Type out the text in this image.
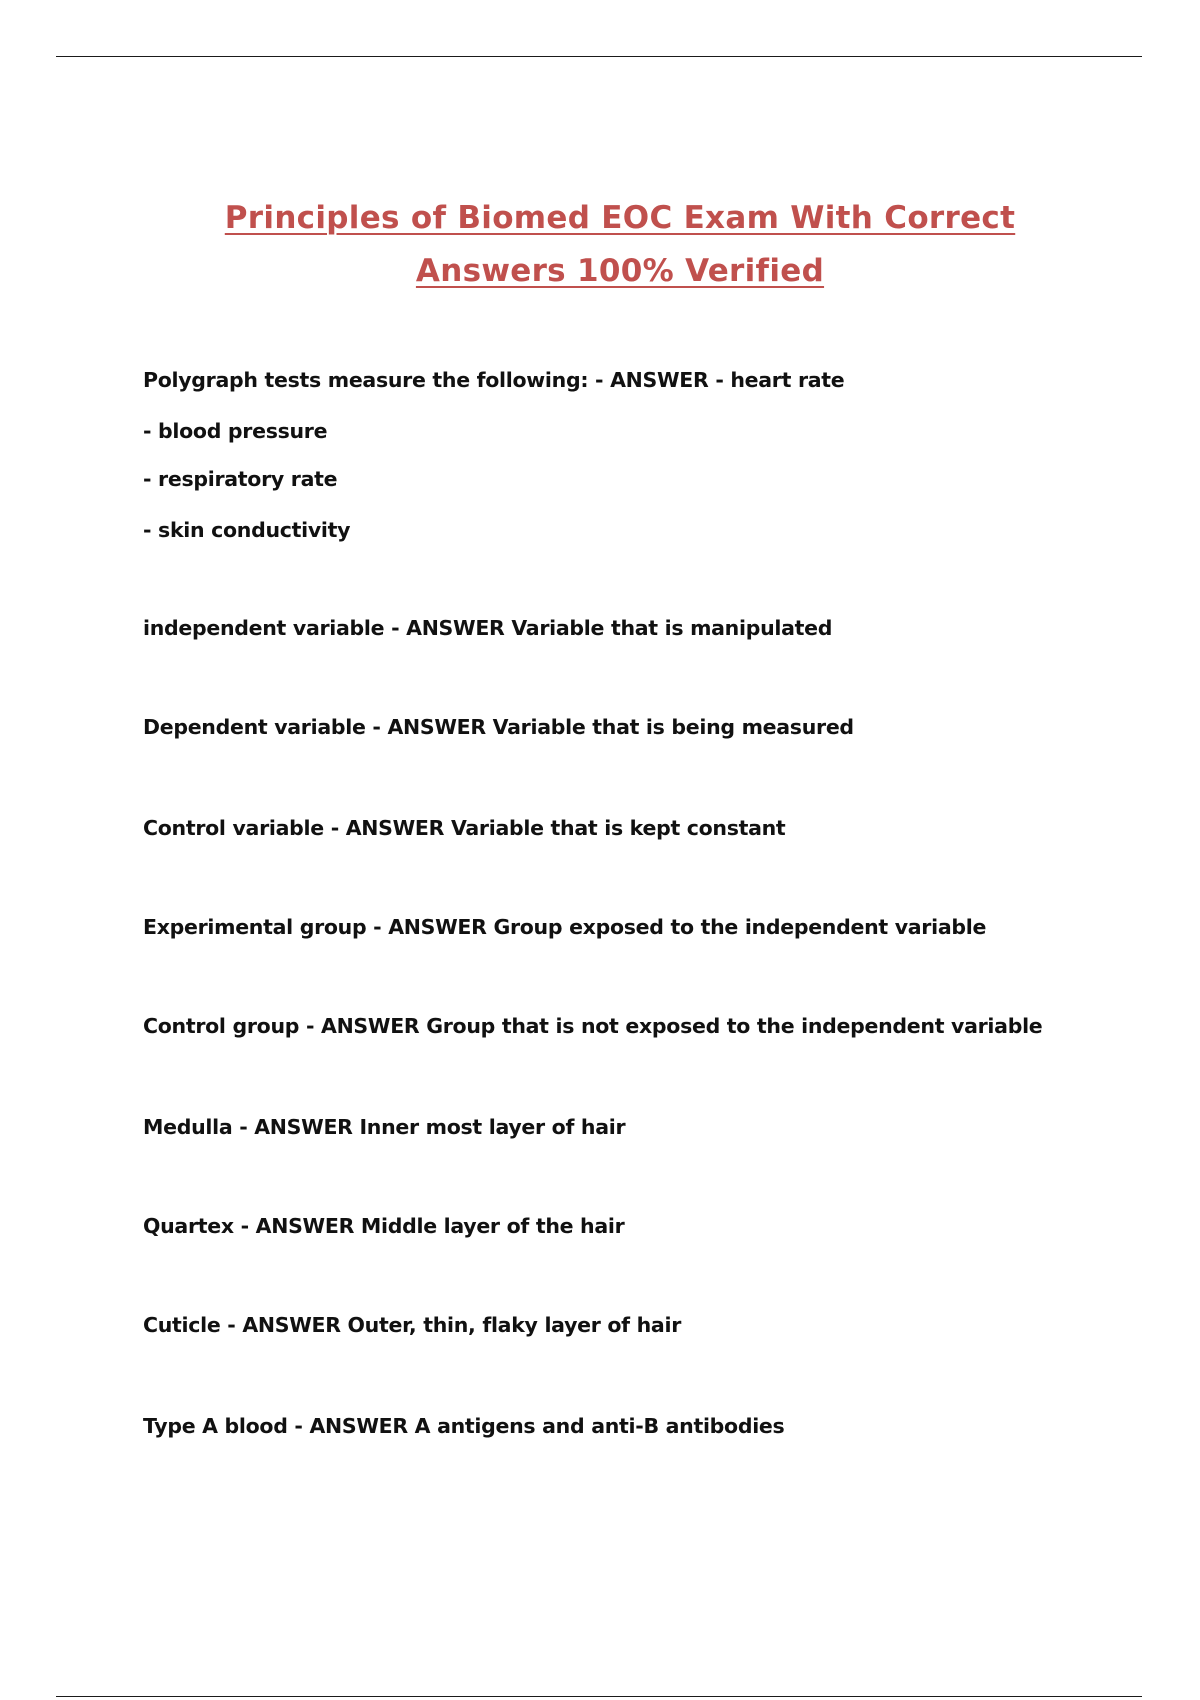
Principles of Biomed EOC Exam With Correct
Answers 100% Verified
Polygraph tests measure the following: - ANSWER - heart rate
- blood pressure
- respiratory rate
- skin conductivity
independent variable - ANSWER Variable that is manipulated
Dependent variable - ANSWER Variable that is being measured
Control variable - ANSWER Variable that is kept constant
Experimental group - ANSWER Group exposed to the independent variable
Control group - ANSWER Group that is not exposed to the independent variable
Medulla - ANSWER Inner most layer of hair
Quartex - ANSWER Middle layer of the hair
Cuticle - ANSWER Outer, thin, flaky layer of hair
Type A blood - ANSWER A antigens and anti-B antibodies
